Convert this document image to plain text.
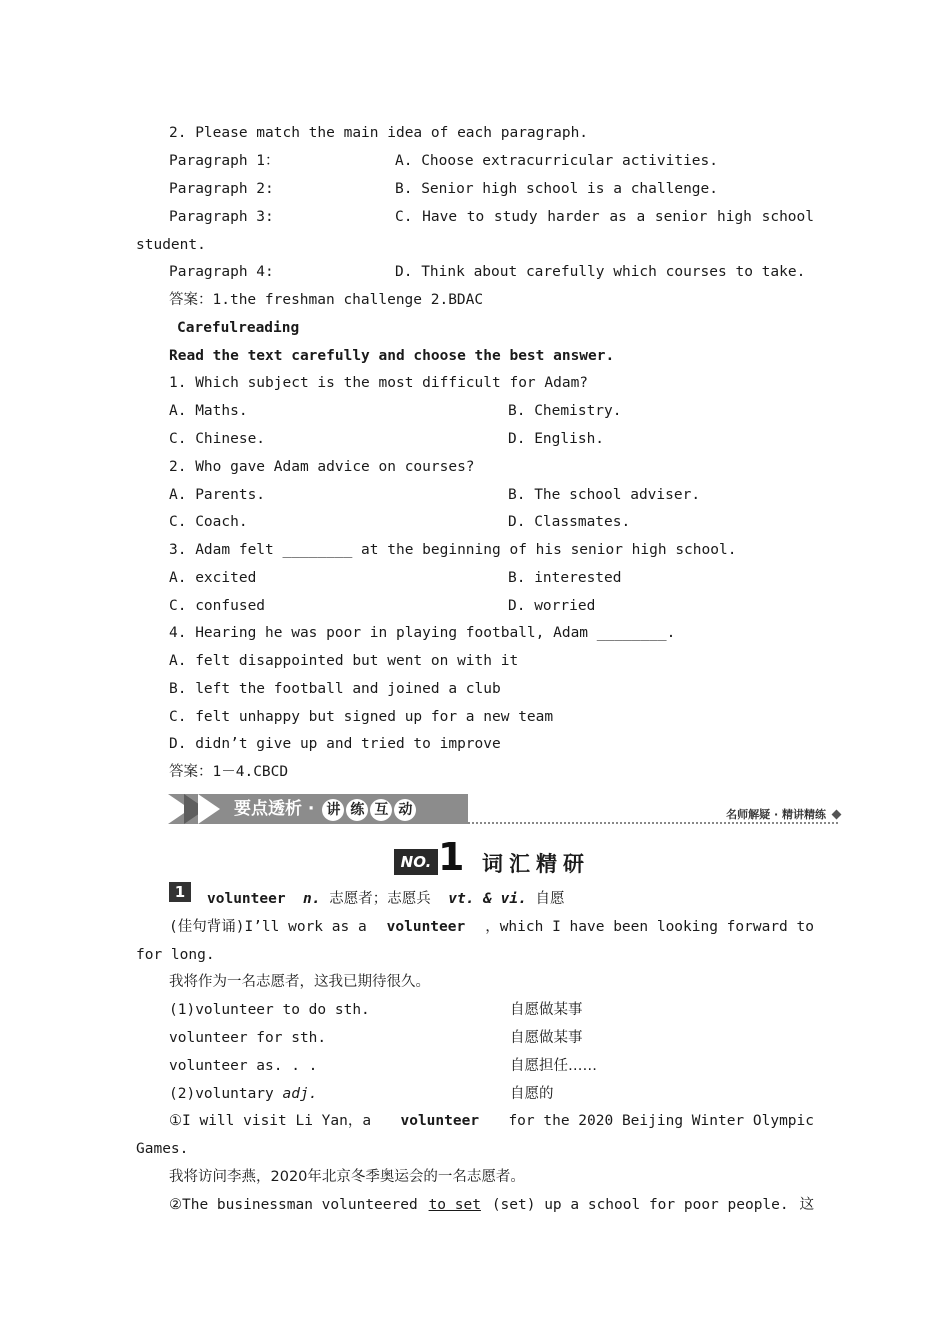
2. Please match the main idea of each paragraph.
Paragraph 1：	A. Choose extracurricular activities.
Paragraph 2:	B. Senior high school is a challenge.
Paragraph 3:	C. Have to study harder as a senior high school
student.
Paragraph 4:	D. Think about carefully which courses to take.
答案：1.the freshman challenge 2.BDAC
Carefulreading
Read the text carefully and choose the best answer.
1. Which subject is the most difficult for Adam?
A. Maths.	B. Chemistry.
C. Chinese.	D. English.
2. Who gave Adam advice on courses?
A. Parents.	B. The school adviser.
C. Coach.	D. Classmates.
3. Adam felt ________ at the beginning of his senior high school.
A. excited	B. interested
C. confused	D. worried
4. Hearing he was poor in playing football, Adam ________.
A. felt disappointed but went on with it
B. left the football and joined a club
C. felt unhappy but signed up for a new team
D. didn’t give up and tried to improve
答案：1－4.CBCD
要点透析 · 讲 练 互 动	名师解疑 · 精讲精练
NO. 1 词汇精研
1	volunteer n. 志愿者；志愿兵 vt. & vi. 自愿
(佳句背诵)I’ll work as a volunteer ，which I have been looking forward to
for long.
我将作为一名志愿者，这我已期待很久。
(1)volunteer to do sth.	自愿做某事
volunteer for sth.	自愿做某事
volunteer as. . .	自愿担任……
(2)voluntary adj.	自愿的
①I will visit Li Yan，a volunteer for the 2020 Beijing Winter Olympic
Games.
我将访问李燕，2020年北京冬季奥运会的一名志愿者。
②The businessman volunteered to set (set) up a school for poor people. 这
